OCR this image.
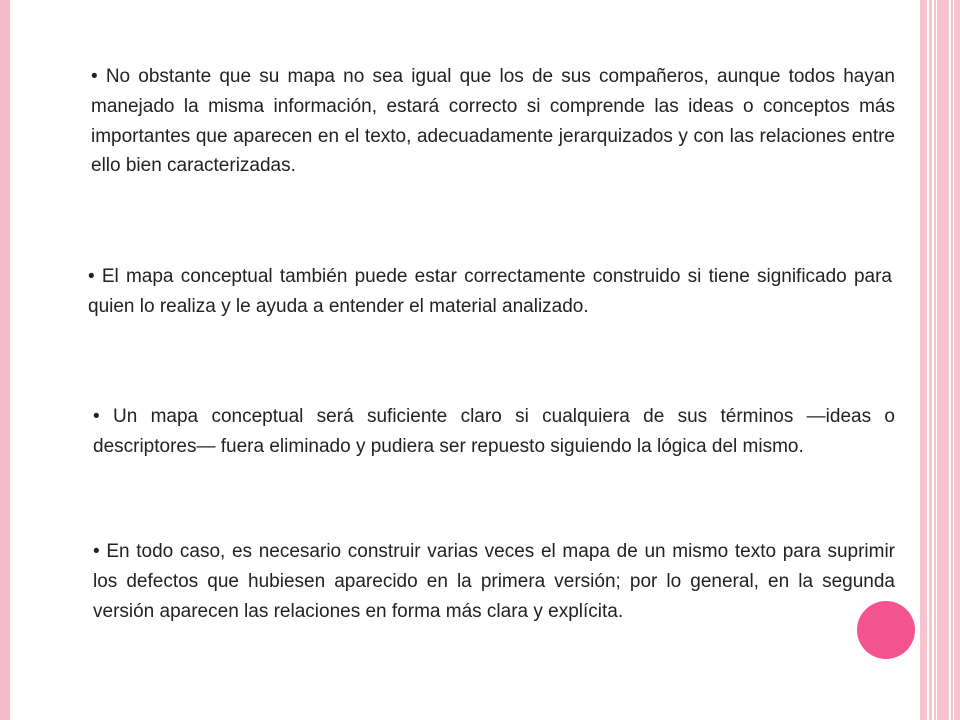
• No obstante que su mapa no sea igual que los de sus compañeros, aunque todos hayan manejado la misma información, estará correcto si comprende las ideas o conceptos más importantes que aparecen en el texto, adecuadamente jerarquizados y con las relaciones entre ello bien caracterizadas.

• El mapa conceptual también puede estar correctamente construido si tiene significado para quien lo realiza y le ayuda a entender el material analizado.

• Un mapa conceptual será suficiente claro si cualquiera de sus términos —ideas o descriptores— fuera eliminado y pudiera ser repuesto siguiendo la lógica del mismo.

• En todo caso, es necesario construir varias veces el mapa de un mismo texto para suprimir los defectos que hubiesen aparecido en la primera versión; por lo general, en la segunda versión aparecen las relaciones en forma más clara y explícita.
